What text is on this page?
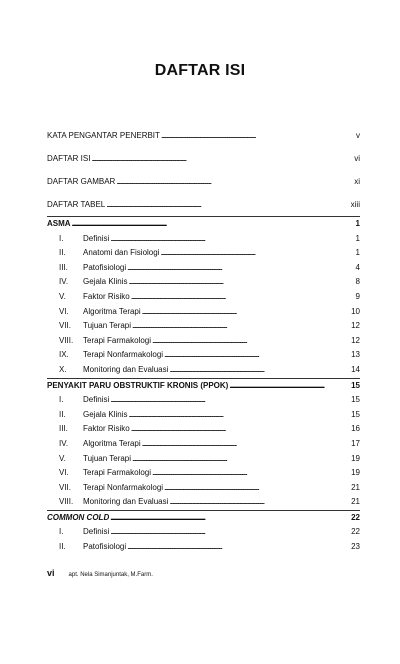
DAFTAR ISI
KATA PENGANTAR PENERBIT . . .	v
DAFTAR ISI . . .	vi
DAFTAR GAMBAR . . .	xi
DAFTAR TABEL . . .	xiii
ASMA . . .	1
I.	Definisi . . .	1
II.	Anatomi dan Fisiologi . . .	1
III.	Patofisiologi . . .	4
IV.	Gejala Klinis . . .	8
V.	Faktor Risiko . . .	9
VI.	Algoritma Terapi . . .	10
VII.	Tujuan Terapi . . .	12
VIII.	Terapi Farmakologi . . .	12
IX.	Terapi Nonfarmakologi . . .	13
X.	Monitoring dan Evaluasi . . .	14
PENYAKIT PARU OBSTRUKTIF KRONIS (PPOK) . . .	15
I.	Definisi . . .	15
II.	Gejala Klinis . . .	15
III.	Faktor Risiko . . .	16
IV.	Algoritma Terapi . . .	17
V.	Tujuan Terapi . . .	19
VI.	Terapi Farmakologi . . .	19
VII.	Terapi Nonfarmakologi . . .	21
VIII.	Monitoring dan Evaluasi . . .	21
COMMON COLD . . .	22
I.	Definisi . . .	22
II.	Patofisiologi . . .	23
vi apt. Nela Simanjuntak, M.Farm.
